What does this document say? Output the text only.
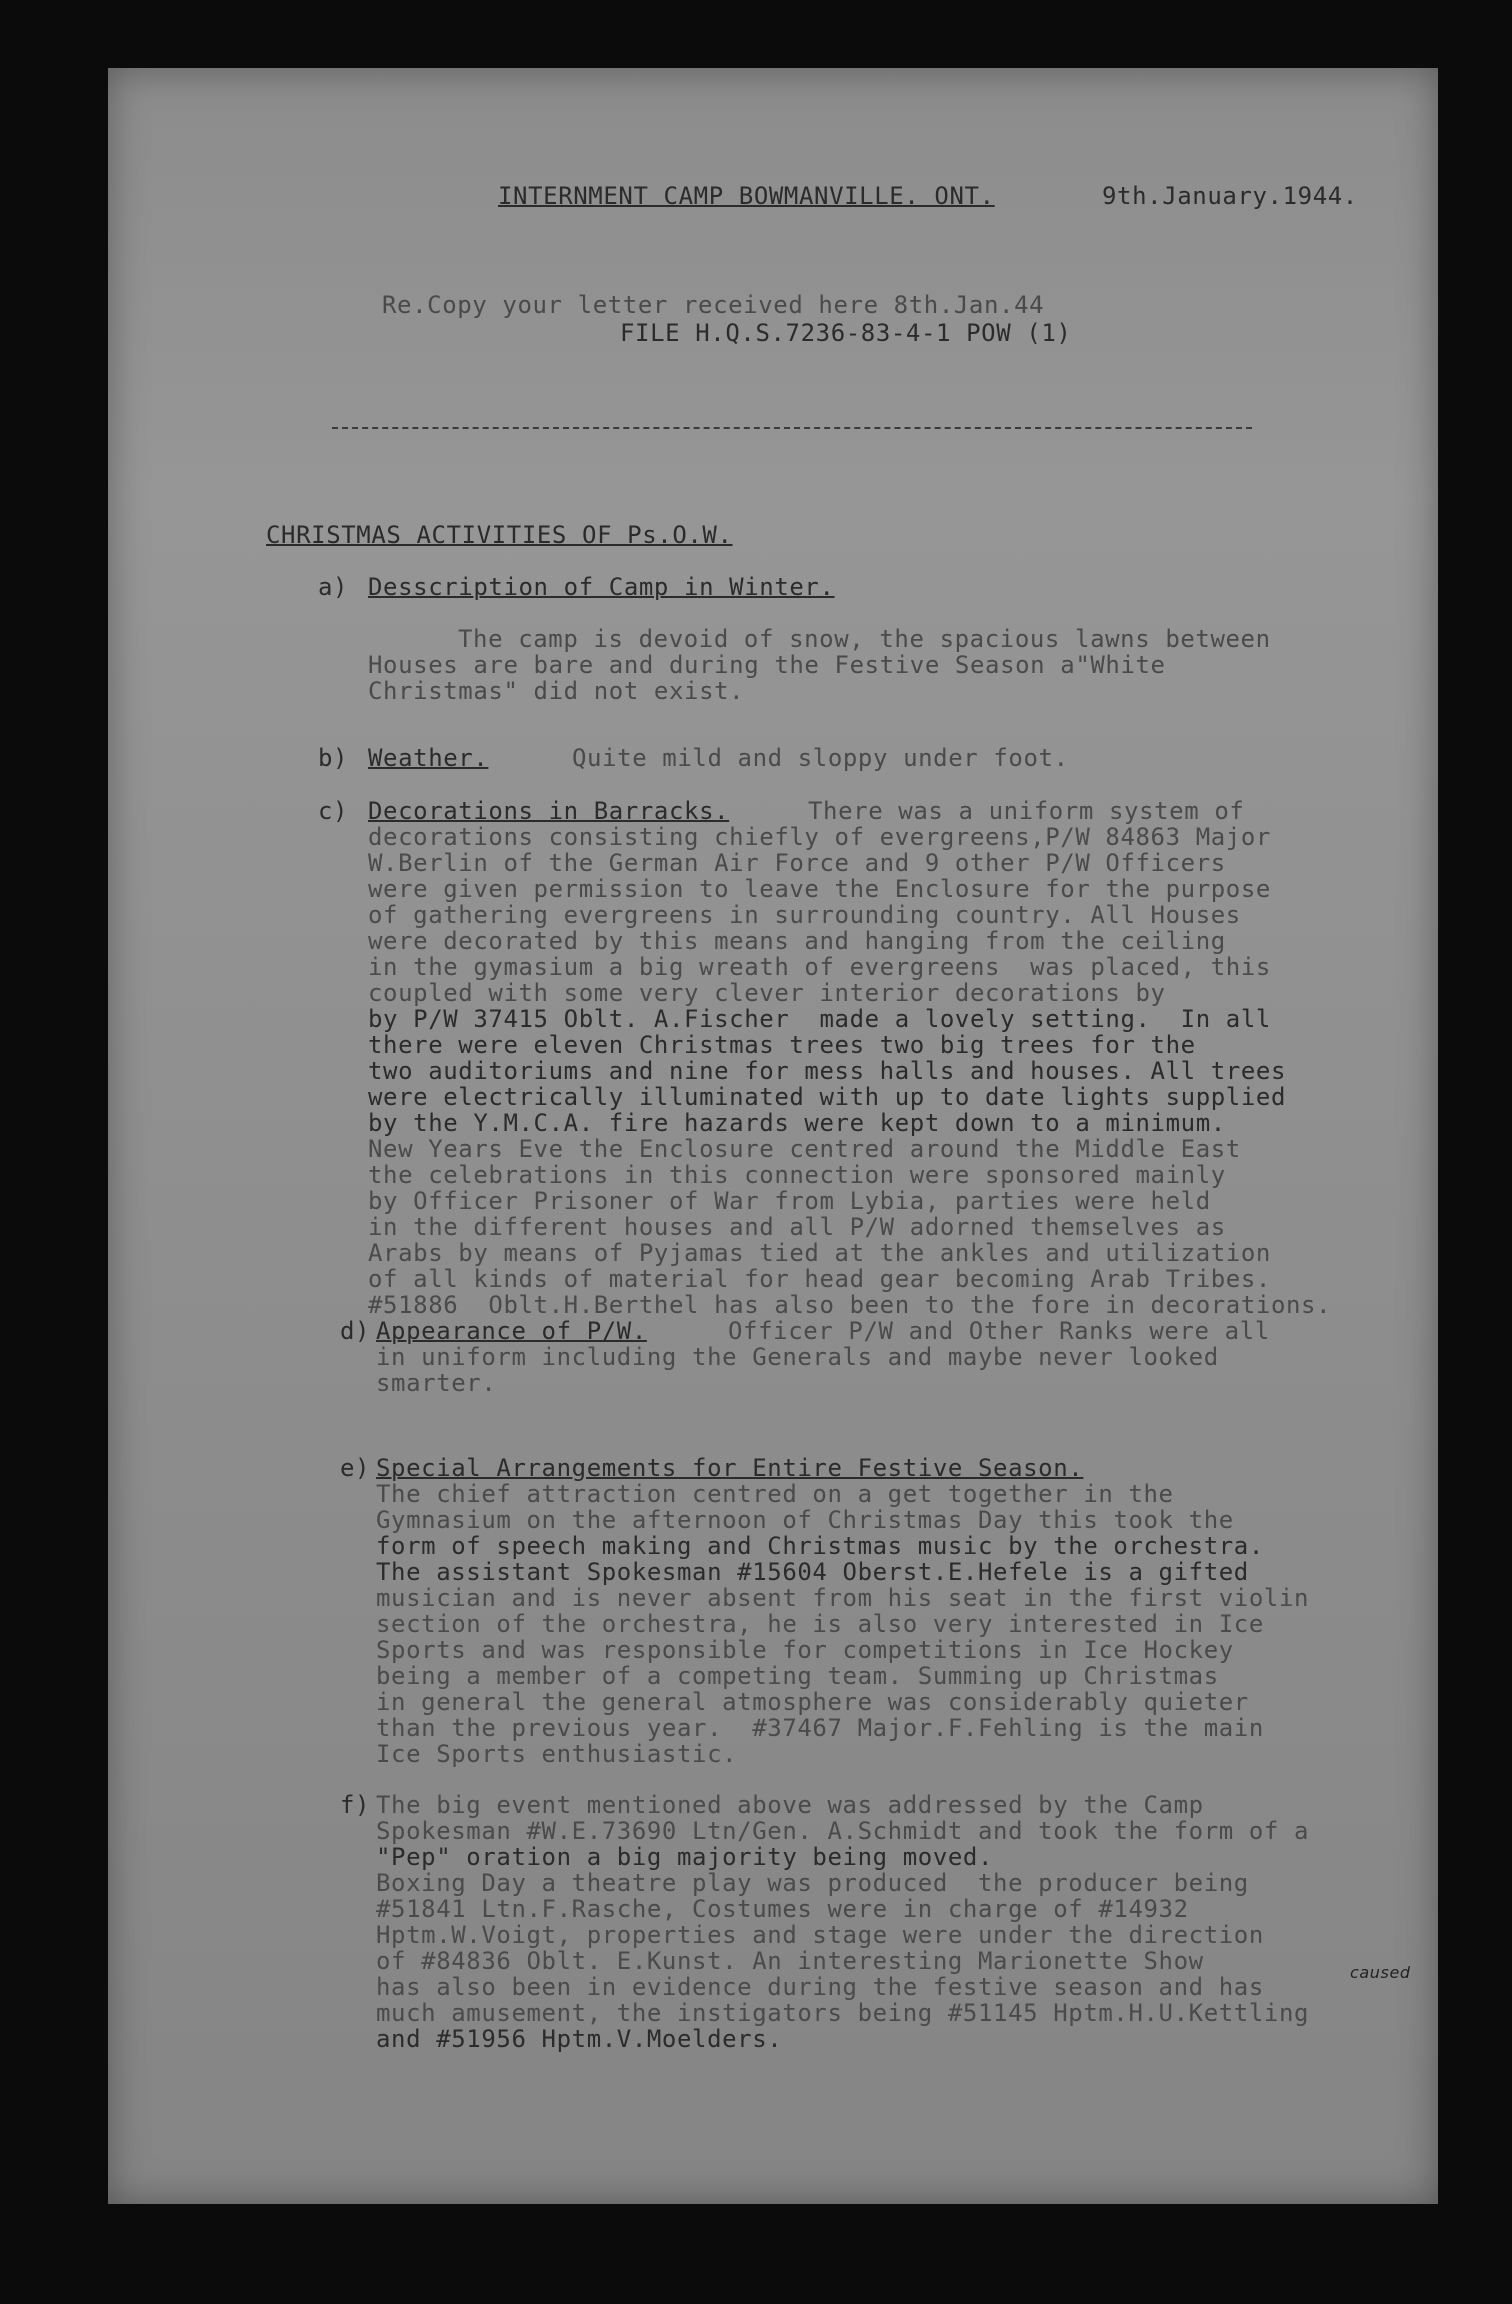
INTERNMENT CAMP BOWMANVILLE. ONT.	9th.January.1944.
Re.Copy your letter received here 8th.Jan.44
FILE H.Q.S.7236-83-4-1 POW (1)
CHRISTMAS ACTIVITIES OF Ps.O.W.
a) Desscription of Camp in Winter.
The camp is devoid of snow, the spacious lawns between
Houses are bare and during the Festive Season a"White
Christmas" did not exist.
b) Weather.	Quite mild and sloppy under foot.
c) Decorations in Barracks.	There was a uniform system of
decorations consisting chiefly of evergreens,P/W 84863 Major
W.Berlin of the German Air Force and 9 other P/W Officers
were given permission to leave the Enclosure for the purpose
of gathering evergreens in surrounding country. All Houses
were decorated by this means and hanging from the ceiling
in the gymasium a big wreath of evergreens  was placed, this
coupled with some very clever interior decorations by
by P/W 37415 Oblt. A.Fischer  made a lovely setting.  In all
there were eleven Christmas trees two big trees for the
two auditoriums and nine for mess halls and houses. All trees
were electrically illuminated with up to date lights supplied
by the Y.M.C.A. fire hazards were kept down to a minimum.
New Years Eve the Enclosure centred around the Middle East
the celebrations in this connection were sponsored mainly
by Officer Prisoner of War from Lybia, parties were held
in the different houses and all P/W adorned themselves as
Arabs by means of Pyjamas tied at the ankles and utilization
of all kinds of material for head gear becoming Arab Tribes.
#51886  Oblt.H.Berthel has also been to the fore in decorations.
d) Appearance of P/W.	Officer P/W and Other Ranks were all
in uniform including the Generals and maybe never looked
smarter.
e) Special Arrangements for Entire Festive Season.
The chief attraction centred on a get together in the
Gymnasium on the afternoon of Christmas Day this took the
form of speech making and Christmas music by the orchestra.
The assistant Spokesman #15604 Oberst.E.Hefele is a gifted
musician and is never absent from his seat in the first violin
section of the orchestra, he is also very interested in Ice
Sports and was responsible for competitions in Ice Hockey
being a member of a competing team. Summing up Christmas
in general the general atmosphere was considerably quieter
than the previous year.  #37467 Major.F.Fehling is the main
Ice Sports enthusiastic.
f) The big event mentioned above was addressed by the Camp
Spokesman #W.E.73690 Ltn/Gen. A.Schmidt and took the form of a
"Pep" oration a big majority being moved.
Boxing Day a theatre play was produced  the producer being
#51841 Ltn.F.Rasche, Costumes were in charge of #14932
Hptm.W.Voigt, properties and stage were under the direction
of #84836 Oblt. E.Kunst. An interesting Marionette Show
has also been in evidence during the festive season and has
much amusement, the instigators being #51145 Hptm.H.U.Kettling
and #51956 Hptm.V.Moelders.
caused
